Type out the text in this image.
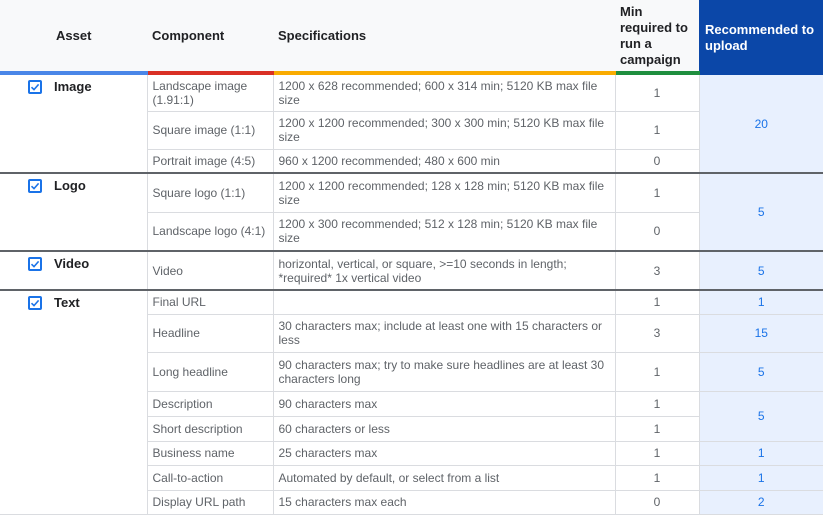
Asset	Component	Specifications	Min required to run a campaign	Recommended to upload

Image	Landscape image (1.91:1)	1200 x 628 recommended; 600 x 314 min; 5120 KB max file size	1	20
	Square image (1:1)	1200 x 1200 recommended; 300 x 300 min; 5120 KB max file size	1	
	Portrait image (4:5)	960 x 1200 recommended; 480 x 600 min	0	

Logo	Square logo (1:1)	1200 x 1200 recommended; 128 x 128 min; 5120 KB max file size	1	5
	Landscape logo (4:1)	1200 x 300 recommended; 512 x 128 min; 5120 KB max file size	0	

Video	Video	horizontal, vertical, or square, >=10 seconds in length; *required* 1x vertical video	3	5

Text	Final URL		1	1
	Headline	30 characters max; include at least one with 15 characters or less	3	15
	Long headline	90 characters max; try to make sure headlines are at least 30 characters long	1	5
	Description	90 characters max	1	5
	Short description	60 characters or less	1	
	Business name	25 characters max	1	1
	Call-to-action	Automated by default, or select from a list	1	1
	Display URL path	15 characters max each	0	2
